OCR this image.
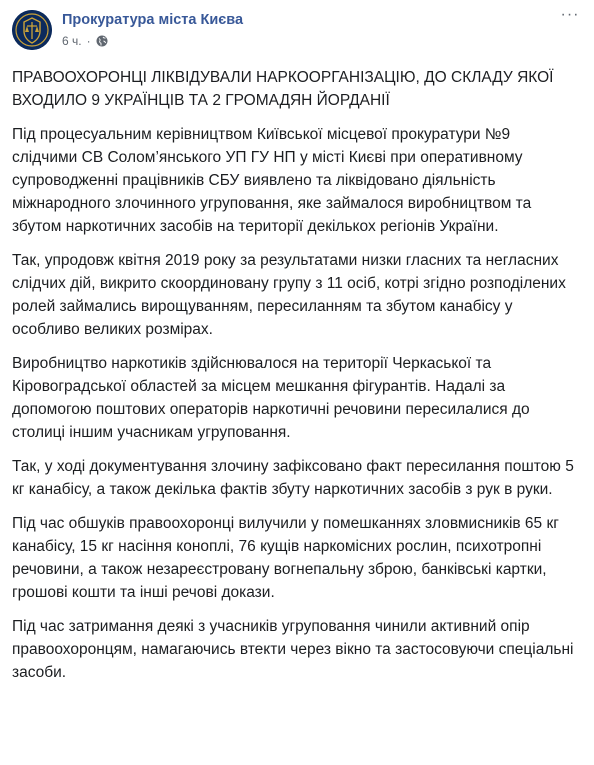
Прокуратура міста Києва
6 ч. ·
···

ПРАВООХОРОНЦІ ЛІКВІДУВАЛИ НАРКООРГАНІЗАЦІЮ, ДО СКЛАДУ ЯКОЇ ВХОДИЛО 9 УКРАЇНЦІВ ТА 2 ГРОМАДЯН ЙОРДАНІЇ

Під процесуальним керівництвом Київської місцевої прокуратури №9 слідчими СВ Солом’янського УП ГУ НП у місті Києві при оперативному супроводженні працівників СБУ виявлено та ліквідовано діяльність міжнародного злочинного угруповання, яке займалося виробництвом та збутом наркотичних засобів на території декількох регіонів України.

Так, упродовж квітня 2019 року за результатами низки гласних та негласних слідчих дій, викрито скоординовану групу з 11 осіб, котрі згідно розподілених ролей займались вирощуванням, пересиланням та збутом канабісу у особливо великих розмірах.

Виробництво наркотиків здійснювалося на території Черкаської та Кіровоградської областей за місцем мешкання фігурантів. Надалі за допомогою поштових операторів наркотичні речовини пересилалися до столиці іншим учасникам угруповання.

Так, у ході документування злочину зафіксовано факт пересилання поштою 5 кг канабісу, а також декілька фактів збуту наркотичних засобів з рук в руки.

Під час обшуків правоохоронці вилучили у помешканнях зловмисників 65 кг канабісу, 15 кг насіння коноплі, 76 кущів наркомісних рослин, психотропні речовини, а також незареєстровану вогнепальну зброю, банківські картки, грошові кошти та інші речові докази.

Під час затримання деякі з учасників угруповання чинили активний опір правоохоронцям, намагаючись втекти через вікно та застосовуючи спеціальні засоби.
